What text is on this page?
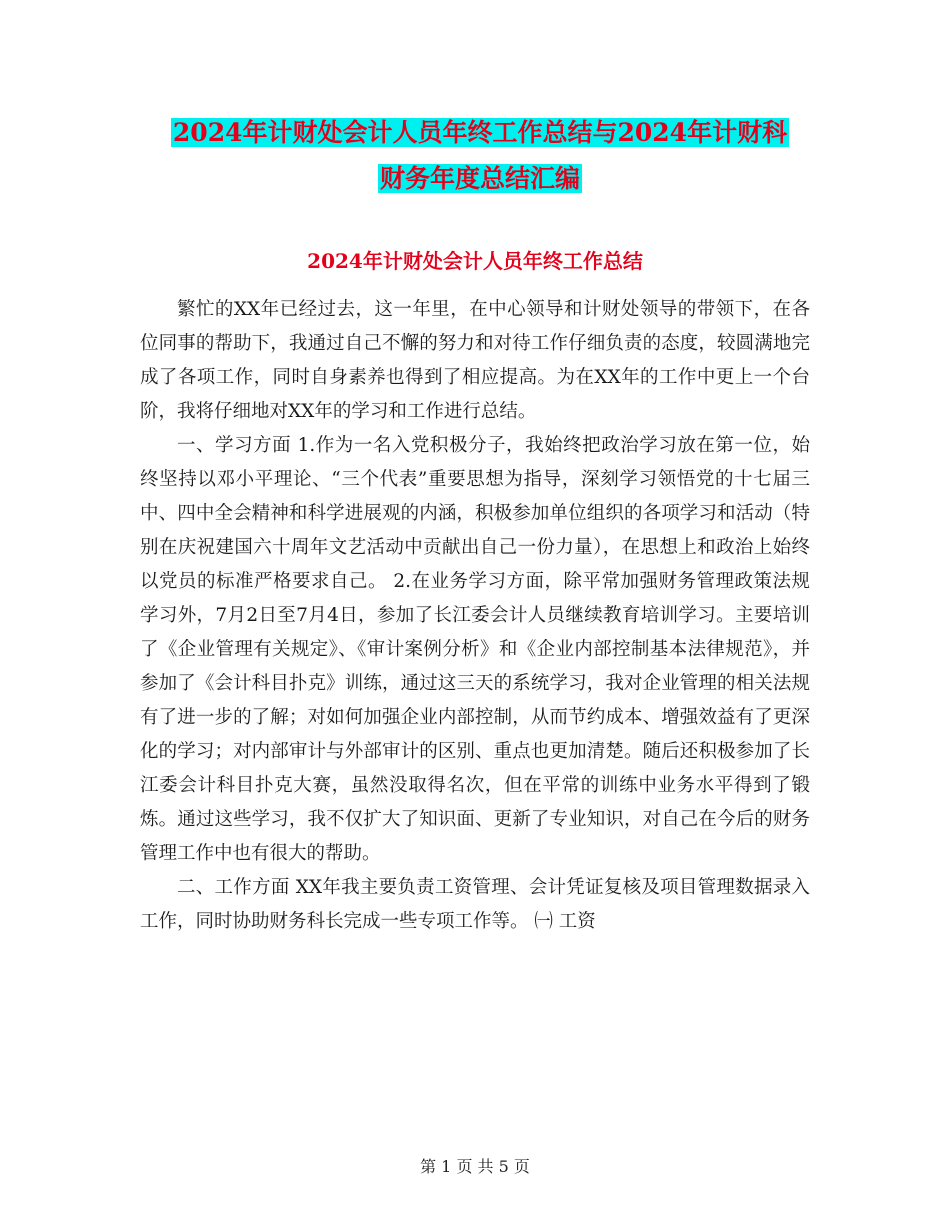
2024年计财处会计人员年终工作总结与2024年计财科
财务年度总结汇编
2024年计财处会计人员年终工作总结

繁忙的XX年已经过去，这一年里，在中心领导和计财处领导的带领下，在各位同事的帮助下，我通过自己不懈的努力和对待工作仔细负责的态度，较圆满地完成了各项工作，同时自身素养也得到了相应提高。为在XX年的工作中更上一个台阶，我将仔细地对XX年的学习和工作进行总结。

一、学习方面 1.作为一名入党积极分子，我始终把政治学习放在第一位，始终坚持以邓小平理论、“三个代表”重要思想为指导，深刻学习领悟党的十七届三中、四中全会精神和科学进展观的内涵，积极参加单位组织的各项学习和活动（特别在庆祝建国六十周年文艺活动中贡献出自己一份力量），在思想上和政治上始终以党员的标准严格要求自己。 2.在业务学习方面，除平常加强财务管理政策法规学习外，7月2日至7月4日，参加了长江委会计人员继续教育培训学习。主要培训了《企业管理有关规定》、《审计案例分析》和《企业内部控制基本法律规范》，并参加了《会计科目扑克》训练，通过这三天的系统学习，我对企业管理的相关法规有了进一步的了解；对如何加强企业内部控制，从而节约成本、增强效益有了更深化的学习；对内部审计与外部审计的区别、重点也更加清楚。随后还积极参加了长江委会计科目扑克大赛，虽然没取得名次，但在平常的训练中业务水平得到了锻炼。通过这些学习，我不仅扩大了知识面、更新了专业知识，对自己在今后的财务管理工作中也有很大的帮助。

二、工作方面 XX年我主要负责工资管理、会计凭证复核及项目管理数据录入工作，同时协助财务科长完成一些专项工作等。 ㈠ 工资

第 1 页 共 5 页
